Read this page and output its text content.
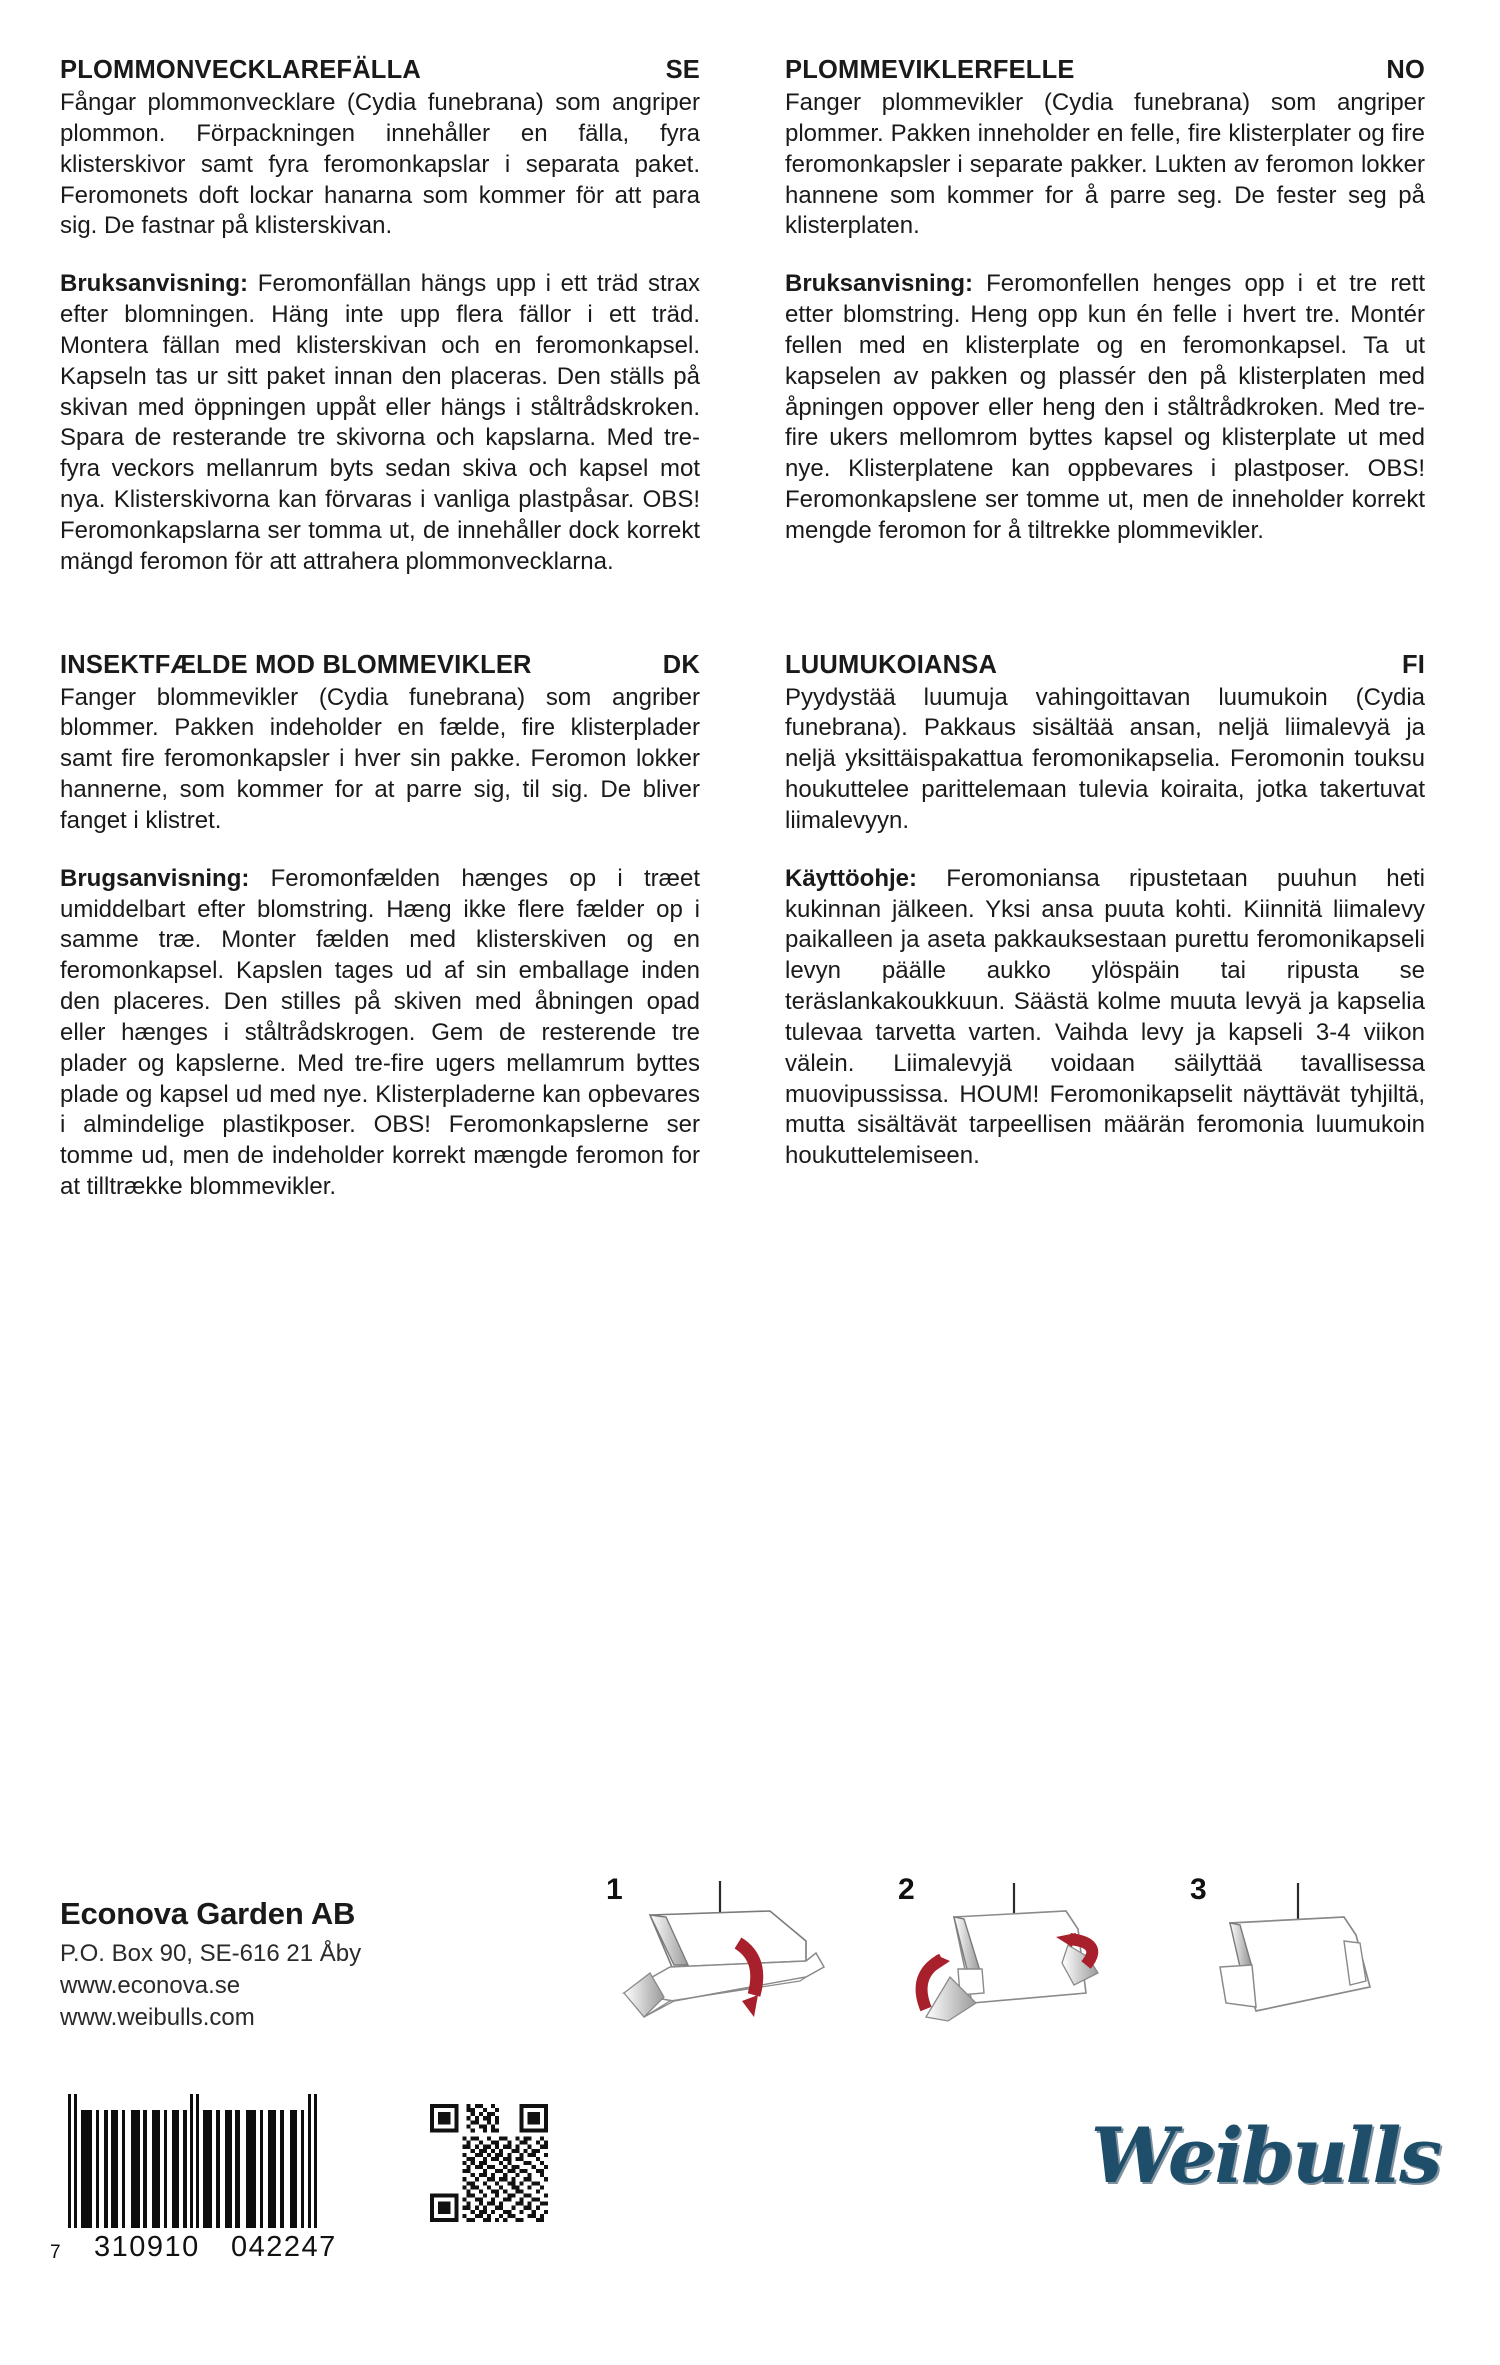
PLOMMONVECKLAREFÄLLA	SE

Fångar plommonvecklare (Cydia funebrana) som angriper plommon. Förpackningen innehåller en fälla, fyra klisterskivor samt fyra feromonkapslar i separata paket. Feromonets doft lockar hanarna som kommer för att para sig. De fastnar på klisterskivan.

Bruksanvisning: Feromonfällan hängs upp i ett träd strax efter blomningen. Häng inte upp flera fällor i ett träd. Montera fällan med klisterskivan och en feromonkapsel. Kapseln tas ur sitt paket innan den placeras. Den ställs på skivan med öppningen uppåt eller hängs i ståltrådskroken. Spara de resterande tre skivorna och kapslarna. Med tre-fyra veckors mellanrum byts sedan skiva och kapsel mot nya. Klisterskivorna kan förvaras i vanliga plastpåsar. OBS! Feromonkapslarna ser tomma ut, de innehåller dock korrekt mängd feromon för att attrahera plommonvecklarna.

PLOMMEVIKLERFELLE	NO

Fanger plommevikler (Cydia funebrana) som angriper plommer. Pakken inneholder en felle, fire klisterplater og fire feromonkapsler i separate pakker. Lukten av feromon lokker hannene som kommer for å parre seg. De fester seg på klisterplaten.

Bruksanvisning: Feromonfellen henges opp i et tre rett etter blomstring. Heng opp kun én felle i hvert tre. Montér fellen med en klisterplate og en feromonkapsel. Ta ut kapselen av pakken og plassér den på klisterplaten med åpningen oppover eller heng den i ståltrådkroken. Med tre-fire ukers mellomrom byttes kapsel og klisterplate ut med nye. Klisterplatene kan oppbevares i plastposer. OBS! Feromonkapslene ser tomme ut, men de inneholder korrekt mengde feromon for å tiltrekke plommevikler.

INSEKTFÆLDE MOD BLOMMEVIKLER	DK

Fanger blommevikler (Cydia funebrana) som angriber blommer. Pakken indeholder en fælde, fire klisterplader samt fire feromonkapsler i hver sin pakke. Feromon lokker hannerne, som kommer for at parre sig, til sig. De bliver fanget i klistret.

Brugsanvisning: Feromonfælden hænges op i træet umiddelbart efter blomstring. Hæng ikke flere fælder op i samme træ. Monter fælden med klisterskiven og en feromonkapsel. Kapslen tages ud af sin emballage inden den placeres. Den stilles på skiven med åbningen opad eller hænges i ståltrådskrogen. Gem de resterende tre plader og kapslerne. Med tre-fire ugers mellamrum byttes plade og kapsel ud med nye. Klisterpladerne kan opbevares i almindelige plastikposer. OBS! Feromonkapslerne ser tomme ud, men de indeholder korrekt mængde feromon for at tilltrække blommevikler.

LUUMUKOIANSA	FI

Pyydystää luumuja vahingoittavan luumukoin (Cydia funebrana). Pakkaus sisältää ansan, neljä liimalevyä ja neljä yksittäispakattua feromonikapselia. Feromonin touksu houkuttelee parittelemaan tulevia koiraita, jotka takertuvat liimalevyyn.

Käyttöohje: Feromoniansa ripustetaan puuhun heti kukinnan jälkeen. Yksi ansa puuta kohti. Kiinnitä liimalevy paikalleen ja aseta pakkauksestaan purettu feromonikapseli levyn päälle aukko ylöspäin tai ripusta se teräslankakoukkuun. Säästä kolme muuta levyä ja kapselia tulevaa tarvetta varten. Vaihda levy ja kapseli 3-4 viikon välein. Liimalevyjä voidaan säilyttää tavallisessa muovipussissa. HOUM! Feromonikapselit näyttävät tyhjiltä, mutta sisältävät tarpeellisen määrän feromonia luumukoin houkuttelemiseen.

Econova Garden AB

P.O. Box 90, SE-616 21 Åby

www.econova.se

www.weibulls.com

1	2	3
7 310910 042247
Weibulls
